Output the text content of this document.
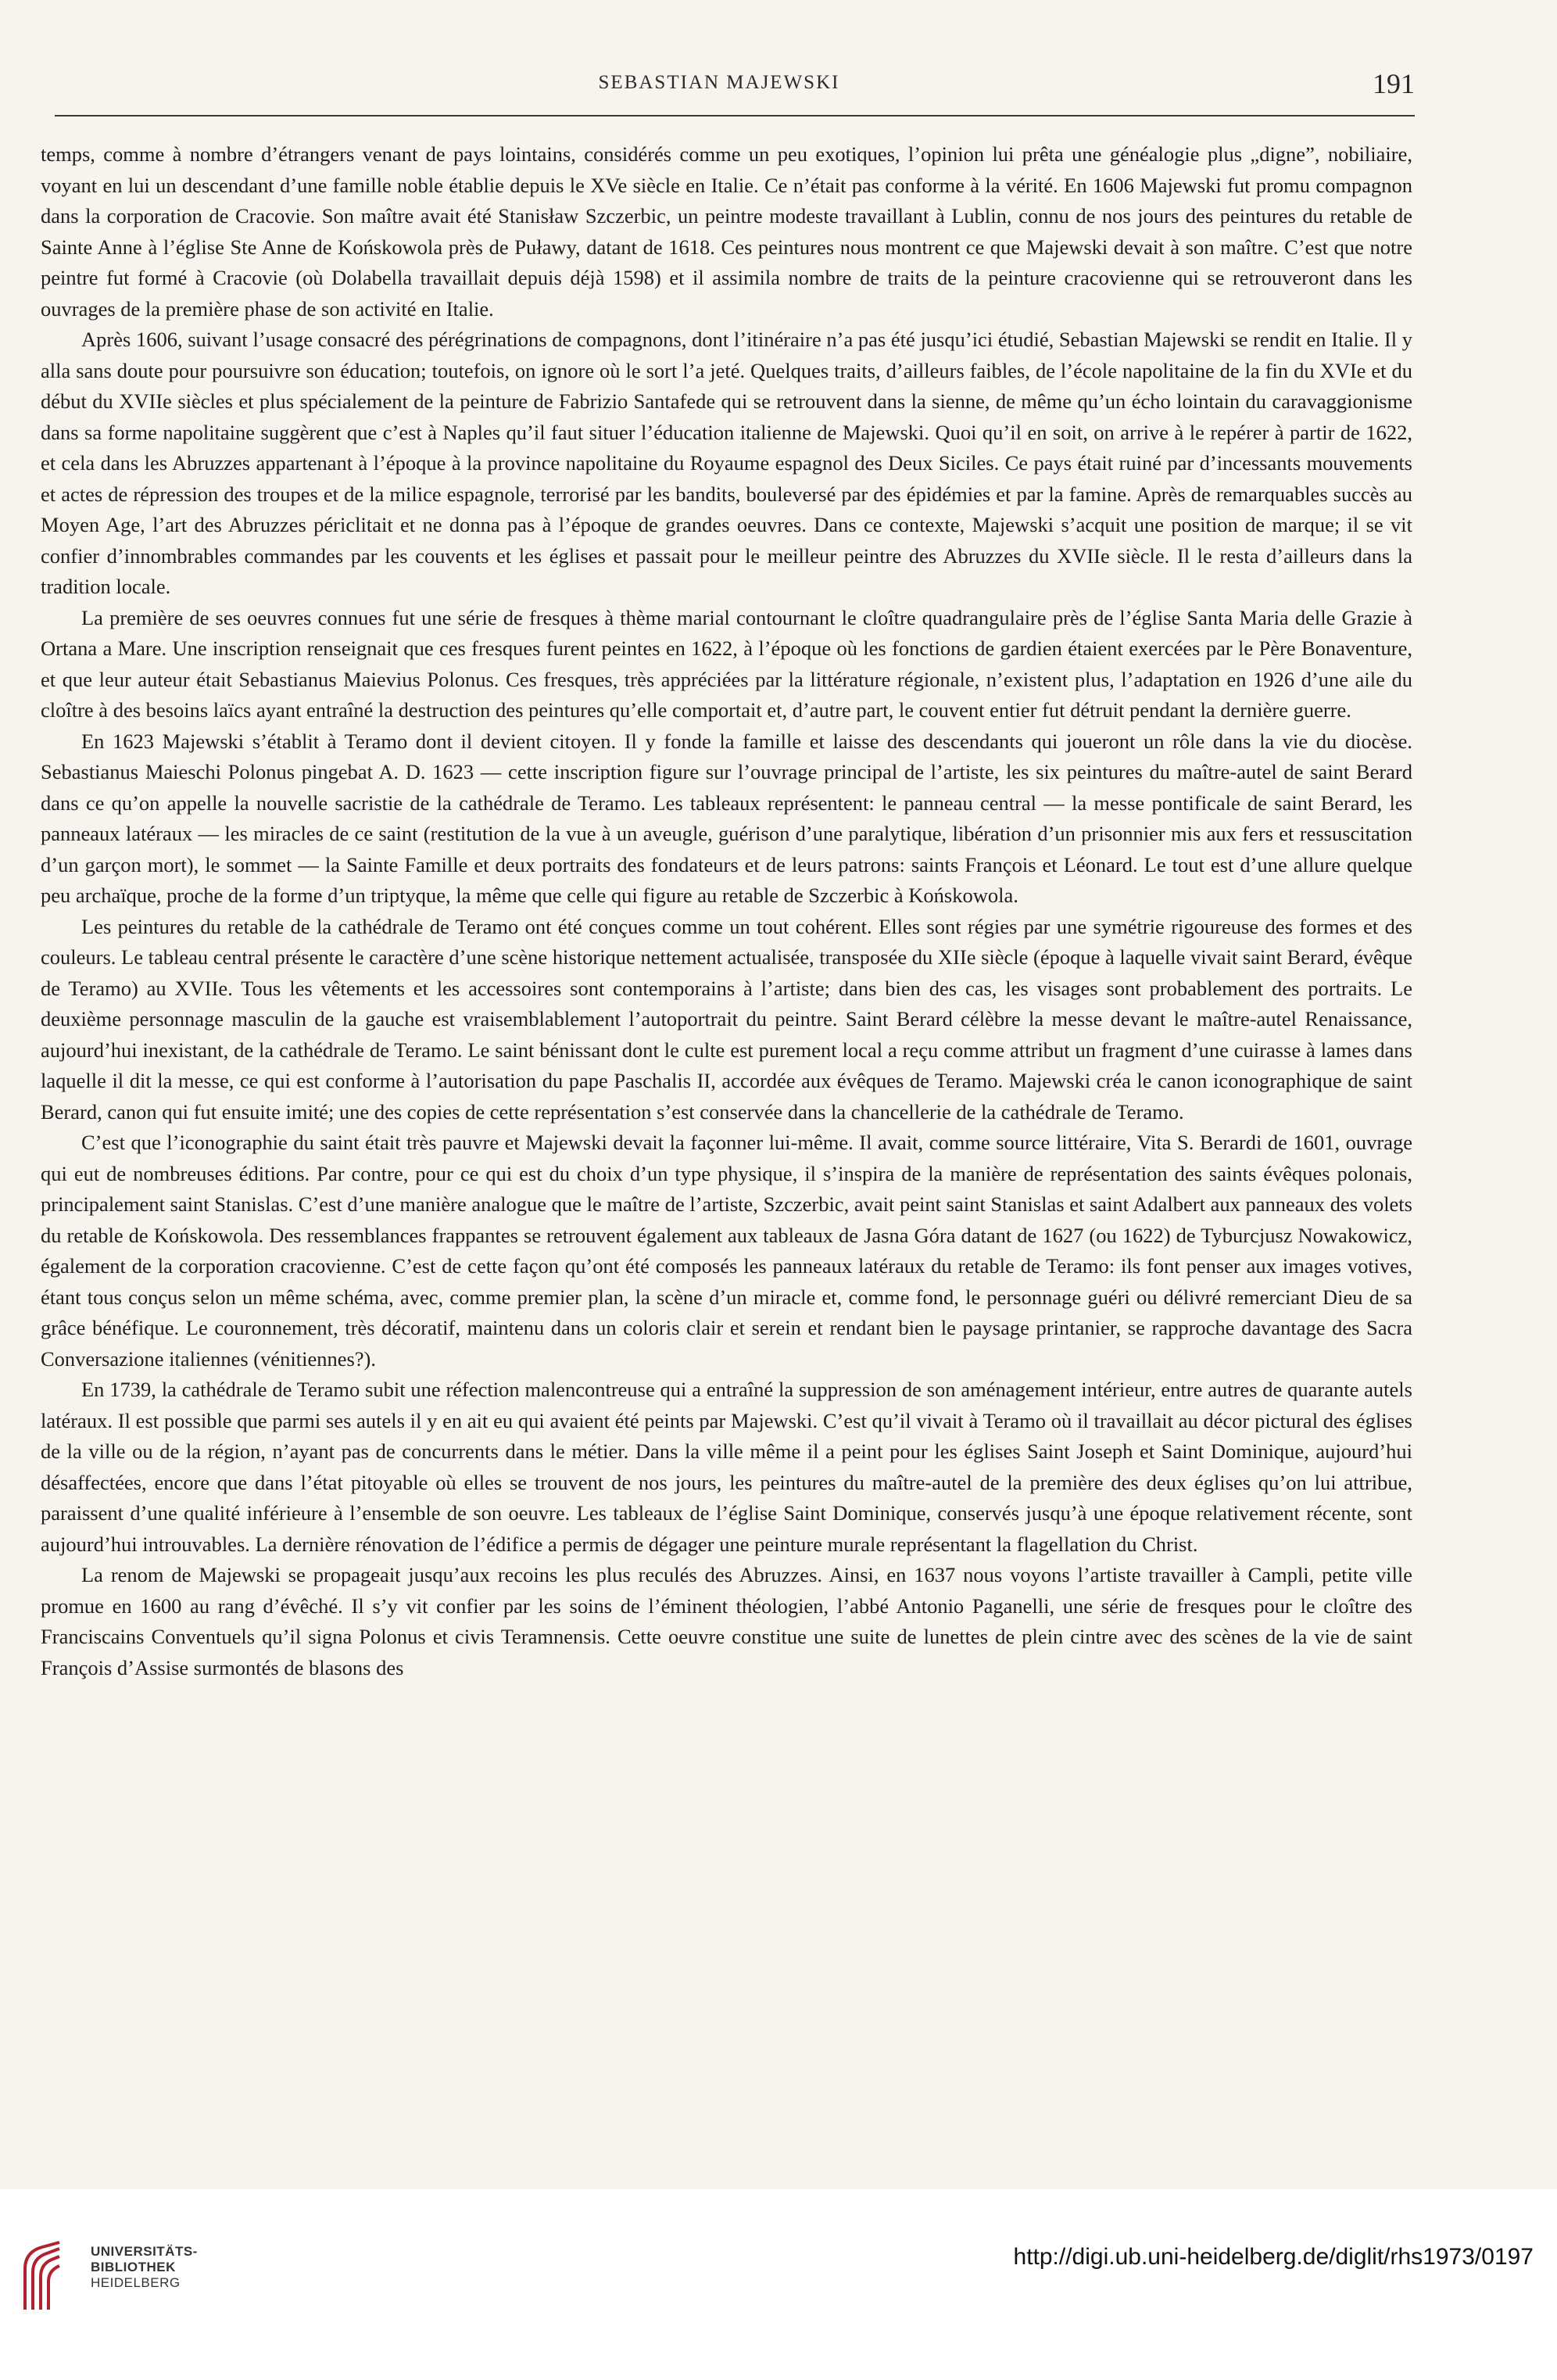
SEBASTIAN MAJEWSKI	191

temps, comme à nombre d’étrangers venant de pays lointains, considérés comme un peu exotiques, l’opinion lui prêta une généalogie plus „digne”, nobiliaire, voyant en lui un descendant d’une famille noble établie depuis le XVe siècle en Italie. Ce n’était pas conforme à la vérité. En 1606 Majewski fut promu compagnon dans la corporation de Cracovie. Son maître avait été Stanisław Szczerbic, un peintre modeste travaillant à Lublin, connu de nos jours des peintures du retable de Sainte Anne à l’église Ste Anne de Końskowola près de Puławy, datant de 1618. Ces peintures nous montrent ce que Majewski devait à son maître. C’est que notre peintre fut formé à Cracovie (où Dolabella travaillait depuis déjà 1598) et il assimila nombre de traits de la peinture cracovienne qui se retrouveront dans les ouvrages de la première phase de son activité en Italie.

Après 1606, suivant l’usage consacré des pérégrinations de compagnons, dont l’itinéraire n’a pas été jusqu’ici étudié, Sebastian Majewski se rendit en Italie. Il y alla sans doute pour poursuivre son éducation; toutefois, on ignore où le sort l’a jeté. Quelques traits, d’ailleurs faibles, de l’école napolitaine de la fin du XVIe et du début du XVIIe siècles et plus spécialement de la peinture de Fabrizio Santafede qui se retrouvent dans la sienne, de même qu’un écho lointain du caravaggionisme dans sa forme napolitaine suggèrent que c’est à Naples qu’il faut situer l’éducation italienne de Majewski. Quoi qu’il en soit, on arrive à le repérer à partir de 1622, et cela dans les Abruzzes appartenant à l’époque à la province napolitaine du Royaume espagnol des Deux Siciles. Ce pays était ruiné par d’incessants mouvements et actes de répression des troupes et de la milice espagnole, terrorisé par les bandits, bouleversé par des épidémies et par la famine. Après de remarquables succès au Moyen Age, l’art des Abruzzes périclitait et ne donna pas à l’époque de grandes oeuvres. Dans ce contexte, Majewski s’acquit une position de marque; il se vit confier d’innombrables commandes par les couvents et les églises et passait pour le meilleur peintre des Abruzzes du XVIIe siècle. Il le resta d’ailleurs dans la tradition locale.

La première de ses oeuvres connues fut une série de fresques à thème marial contournant le cloître quadrangulaire près de l’église Santa Maria delle Grazie à Ortana a Mare. Une inscription renseignait que ces fresques furent peintes en 1622, à l’époque où les fonctions de gardien étaient exercées par le Père Bonaventure, et que leur auteur était Sebastianus Maievius Polonus. Ces fresques, très appréciées par la littérature régionale, n’existent plus, l’adaptation en 1926 d’une aile du cloître à des besoins laïcs ayant entraîné la destruction des peintures qu’elle comportait et, d’autre part, le couvent entier fut détruit pendant la dernière guerre.

En 1623 Majewski s’établit à Teramo dont il devient citoyen. Il y fonde la famille et laisse des descendants qui joueront un rôle dans la vie du diocèse. Sebastianus Maieschi Polonus pingebat A. D. 1623 — cette inscription figure sur l’ouvrage principal de l’artiste, les six peintures du maître-autel de saint Berard dans ce qu’on appelle la nouvelle sacristie de la cathédrale de Teramo. Les tableaux représentent: le panneau central — la messe pontificale de saint Berard, les panneaux latéraux — les miracles de ce saint (restitution de la vue à un aveugle, guérison d’une paralytique, libération d’un prisonnier mis aux fers et ressuscitation d’un garçon mort), le sommet — la Sainte Famille et deux portraits des fondateurs et de leurs patrons: saints François et Léonard. Le tout est d’une allure quelque peu archaïque, proche de la forme d’un triptyque, la même que celle qui figure au retable de Szczerbic à Końskowola.

Les peintures du retable de la cathédrale de Teramo ont été conçues comme un tout cohérent. Elles sont régies par une symétrie rigoureuse des formes et des couleurs. Le tableau central présente le caractère d’une scène historique nettement actualisée, transposée du XIIe siècle (époque à laquelle vivait saint Berard, évêque de Teramo) au XVIIe. Tous les vêtements et les accessoires sont contemporains à l’artiste; dans bien des cas, les visages sont probablement des portraits. Le deuxième personnage masculin de la gauche est vraisemblablement l’autoportrait du peintre. Saint Berard célèbre la messe devant le maître-autel Renaissance, aujourd’hui inexistant, de la cathédrale de Teramo. Le saint bénissant dont le culte est purement local a reçu comme attribut un fragment d’une cuirasse à lames dans laquelle il dit la messe, ce qui est conforme à l’autorisation du pape Paschalis II, accordée aux évêques de Teramo. Majewski créa le canon iconographique de saint Berard, canon qui fut ensuite imité; une des copies de cette représentation s’est conservée dans la chancellerie de la cathédrale de Teramo.

C’est que l’iconographie du saint était très pauvre et Majewski devait la façonner lui-même. Il avait, comme source littéraire, Vita S. Berardi de 1601, ouvrage qui eut de nombreuses éditions. Par contre, pour ce qui est du choix d’un type physique, il s’inspira de la manière de représentation des saints évêques polonais, principalement saint Stanislas. C’est d’une manière analogue que le maître de l’artiste, Szczerbic, avait peint saint Stanislas et saint Adalbert aux panneaux des volets du retable de Końskowola. Des ressemblances frappantes se retrouvent également aux tableaux de Jasna Góra datant de 1627 (ou 1622) de Tyburcjusz Nowakowicz, également de la corporation cracovienne. C’est de cette façon qu’ont été composés les panneaux latéraux du retable de Teramo: ils font penser aux images votives, étant tous conçus selon un même schéma, avec, comme premier plan, la scène d’un miracle et, comme fond, le personnage guéri ou délivré remerciant Dieu de sa grâce bénéfique. Le couronnement, très décoratif, maintenu dans un coloris clair et serein et rendant bien le paysage printanier, se rapproche davantage des Sacra Conversazione italiennes (vénitiennes?).

En 1739, la cathédrale de Teramo subit une réfection malencontreuse qui a entraîné la suppression de son aménagement intérieur, entre autres de quarante autels latéraux. Il est possible que parmi ses autels il y en ait eu qui avaient été peints par Majewski. C’est qu’il vivait à Teramo où il travaillait au décor pictural des églises de la ville ou de la région, n’ayant pas de concurrents dans le métier. Dans la ville même il a peint pour les églises Saint Joseph et Saint Dominique, aujourd’hui désaffectées, encore que dans l’état pitoyable où elles se trouvent de nos jours, les peintures du maître-autel de la première des deux églises qu’on lui attribue, paraissent d’une qualité inférieure à l’ensemble de son oeuvre. Les tableaux de l’église Saint Dominique, conservés jusqu’à une époque relativement récente, sont aujourd’hui introuvables. La dernière rénovation de l’édifice a permis de dégager une peinture murale représentant la flagellation du Christ.

La renom de Majewski se propageait jusqu’aux recoins les plus reculés des Abruzzes. Ainsi, en 1637 nous voyons l’artiste travailler à Campli, petite ville promue en 1600 au rang d’évêché. Il s’y vit confier par les soins de l’éminent théologien, l’abbé Antonio Paganelli, une série de fresques pour le cloître des Franciscains Conventuels qu’il signa Polonus et civis Teramnensis. Cette oeuvre constitue une suite de lunettes de plein cintre avec des scènes de la vie de saint François d’Assise surmontés de blasons des

UNIVERSITÄTS-
BIBLIOTHEK
HEIDELBERG
http://digi.ub.uni-heidelberg.de/diglit/rhs1973/0197
